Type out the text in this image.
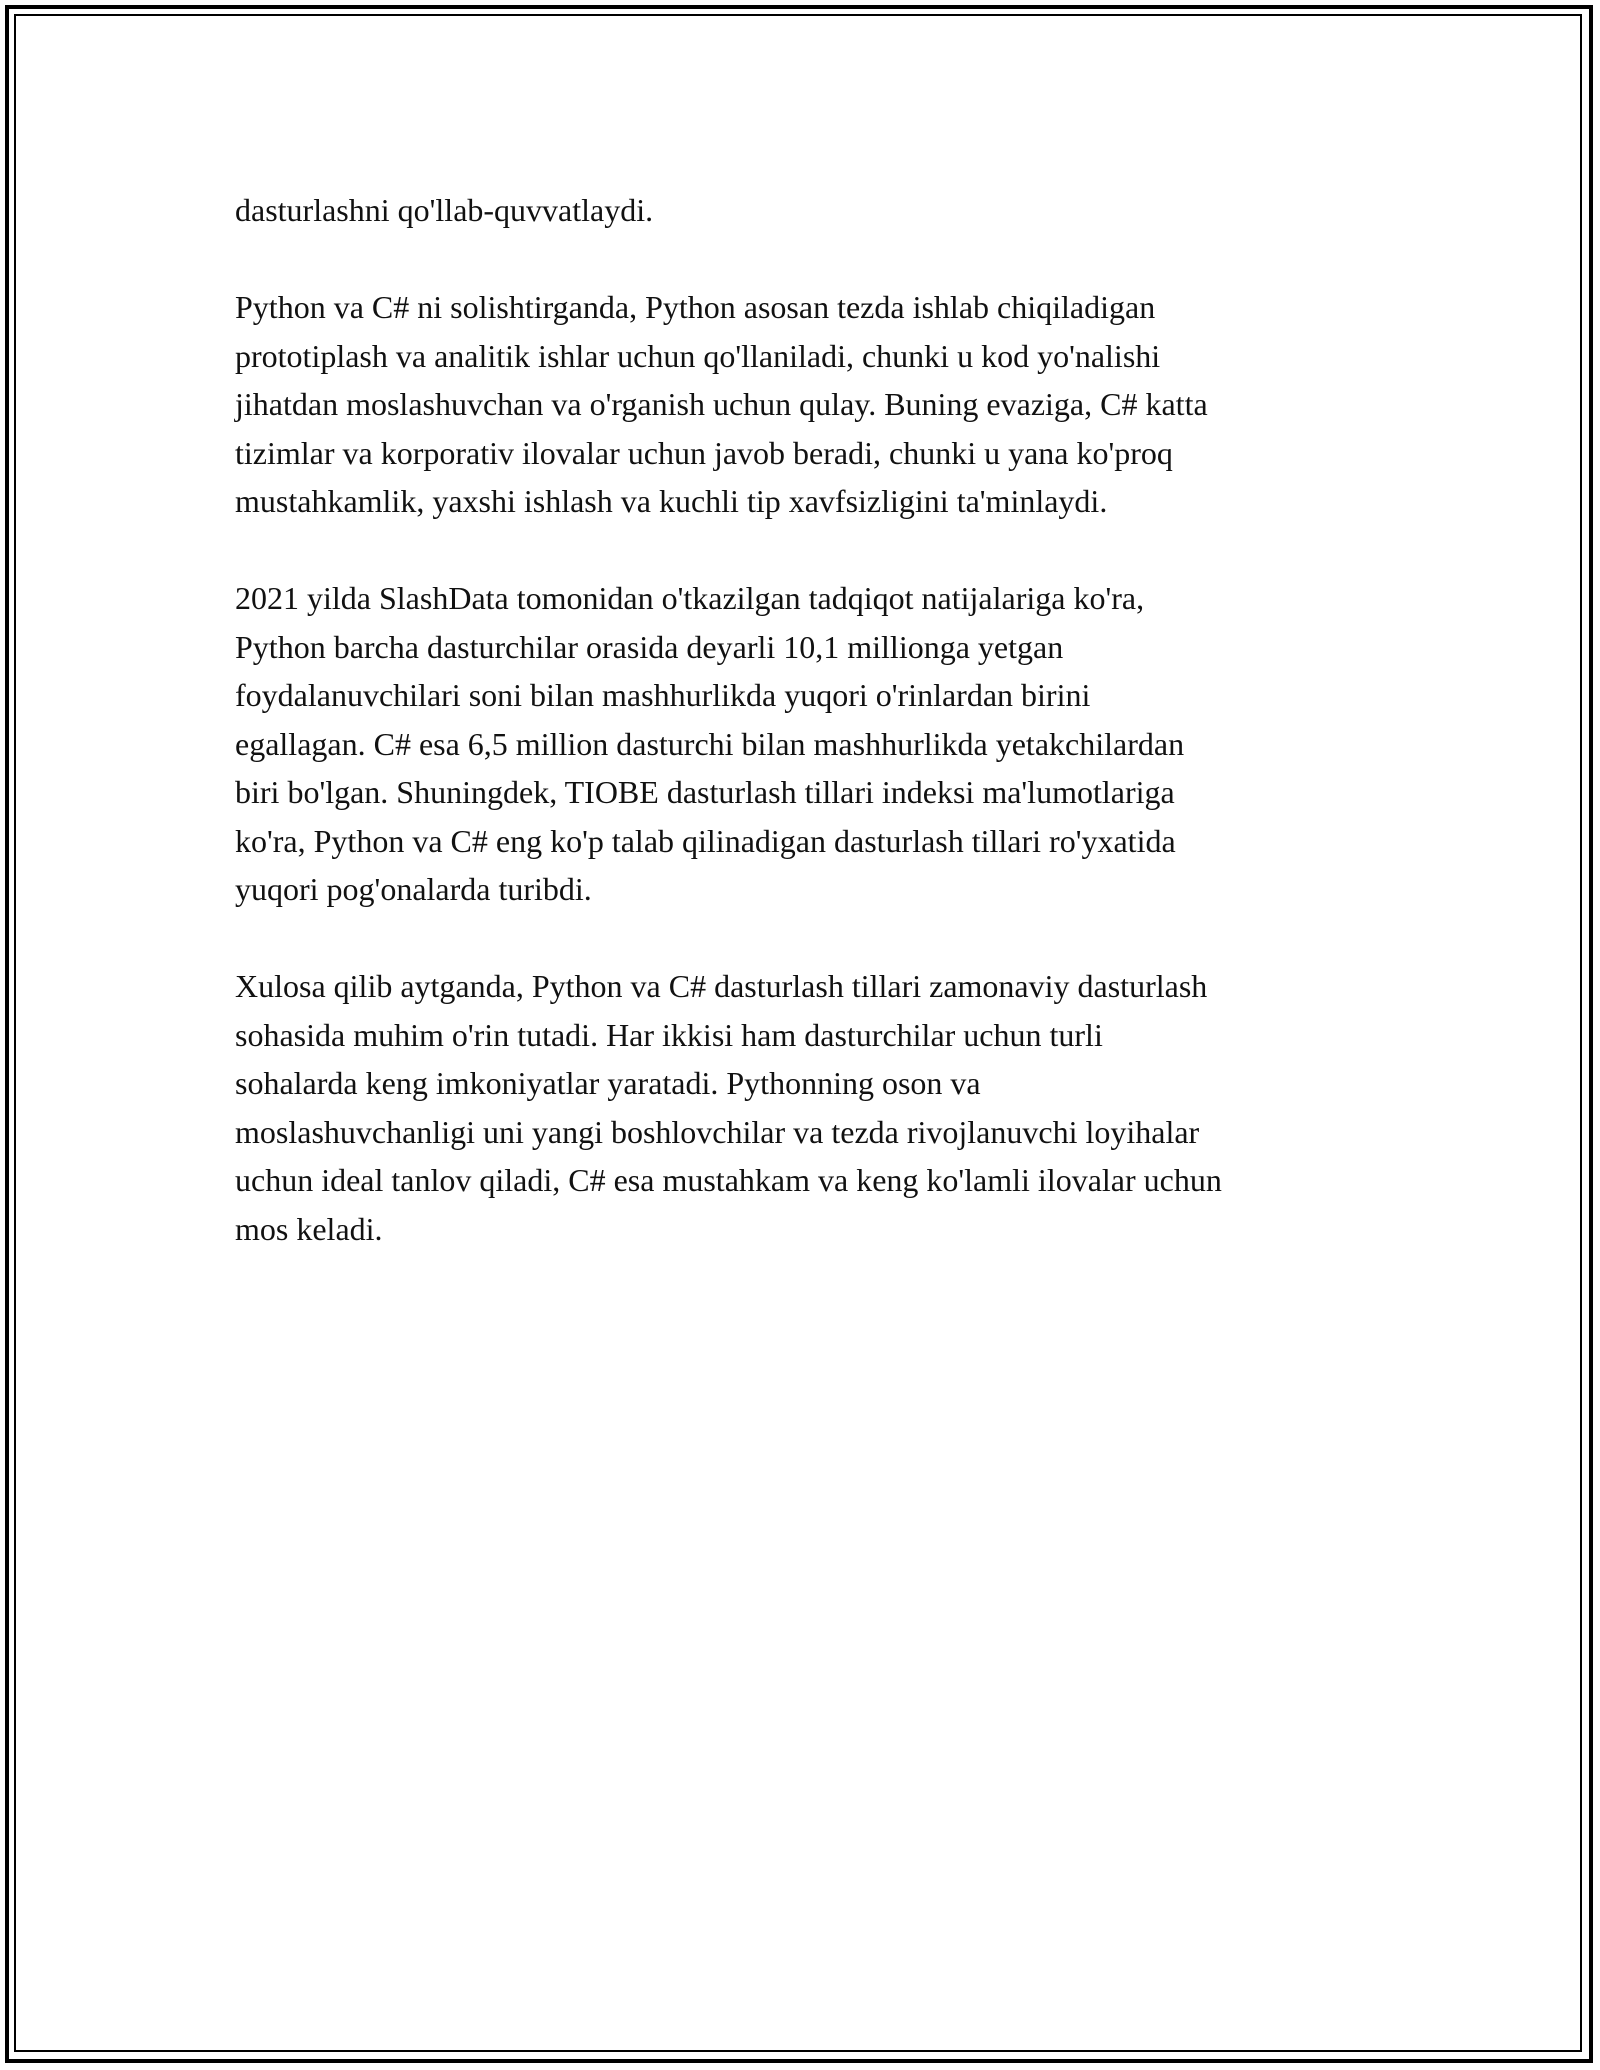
dasturlashni qo'llab-quvvatlaydi.

Python va C# ni solishtirganda, Python asosan tezda ishlab chiqiladigan
prototiplash va analitik ishlar uchun qo'llaniladi, chunki u kod yo'nalishi
jihatdan moslashuvchan va o'rganish uchun qulay. Buning evaziga, C# katta
tizimlar va korporativ ilovalar uchun javob beradi, chunki u yana ko'proq
mustahkamlik, yaxshi ishlash va kuchli tip xavfsizligini ta'minlaydi.

2021 yilda SlashData tomonidan o'tkazilgan tadqiqot natijalariga ko'ra,
Python barcha dasturchilar orasida deyarli 10,1 millionga yetgan
foydalanuvchilari soni bilan mashhurlikda yuqori o'rinlardan birini
egallagan. C# esa 6,5 million dasturchi bilan mashhurlikda yetakchilardan
biri bo'lgan. Shuningdek, TIOBE dasturlash tillari indeksi ma'lumotlariga
ko'ra, Python va C# eng ko'p talab qilinadigan dasturlash tillari ro'yxatida
yuqori pog'onalarda turibdi.

Xulosa qilib aytganda, Python va C# dasturlash tillari zamonaviy dasturlash
sohasida muhim o'rin tutadi. Har ikkisi ham dasturchilar uchun turli
sohalarda keng imkoniyatlar yaratadi. Pythonning oson va
moslashuvchanligi uni yangi boshlovchilar va tezda rivojlanuvchi loyihalar
uchun ideal tanlov qiladi, C# esa mustahkam va keng ko'lamli ilovalar uchun
mos keladi.
